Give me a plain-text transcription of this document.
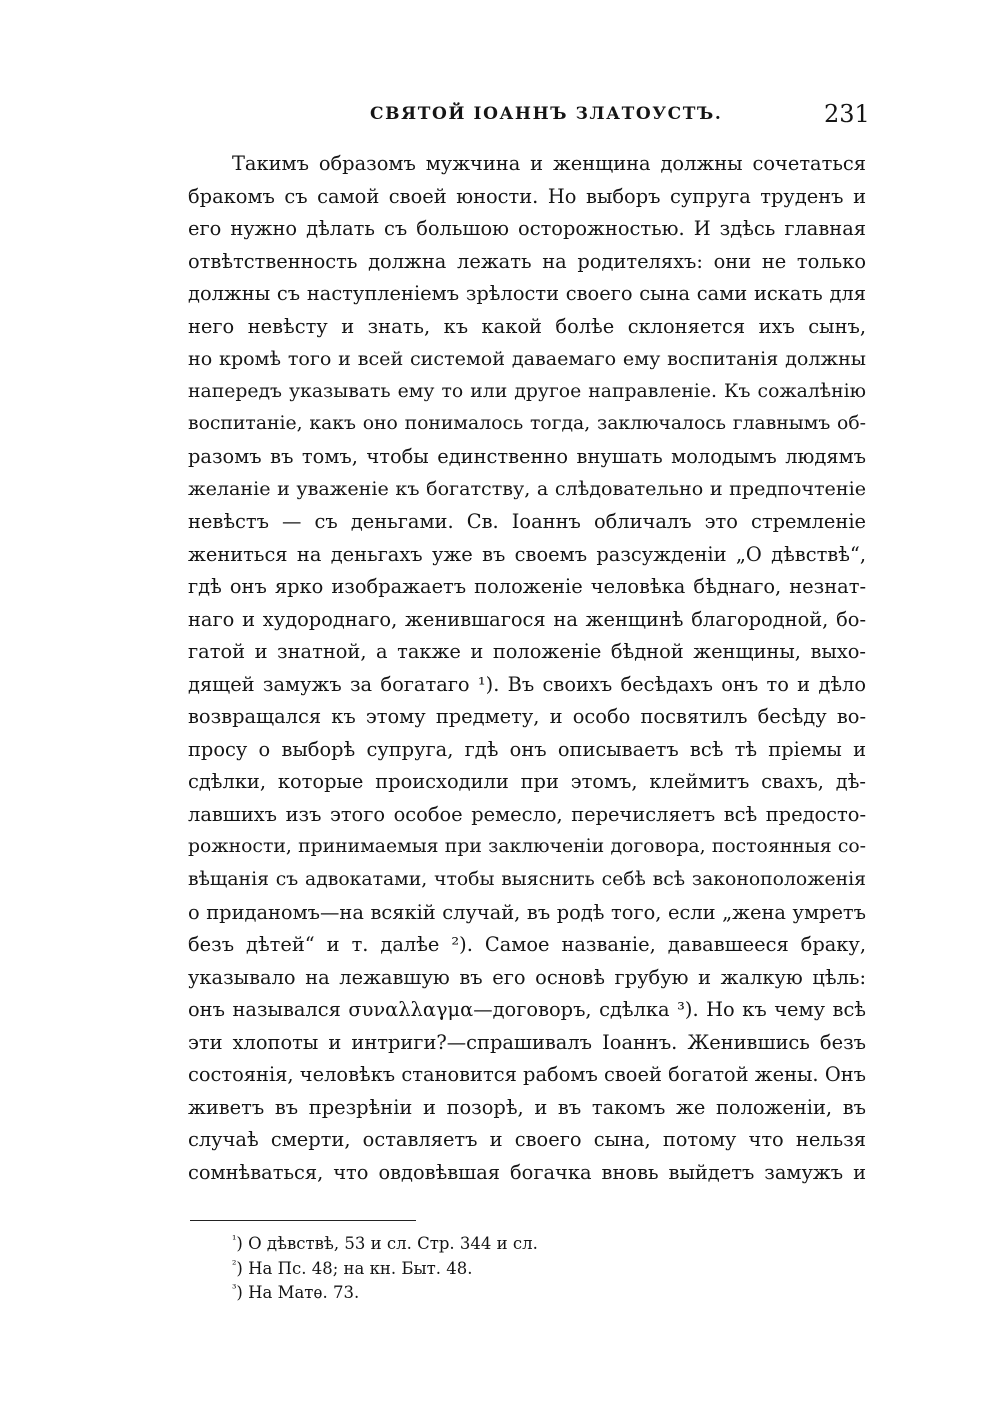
СВЯТОЙ ІОАННЪ ЗЛАТОУСТЪ.	231
Такимъ образомъ мужчина и женщина должны сочетаться
бракомъ съ самой своей юности. Но выборъ супруга труденъ и
его нужно дѣлать съ большою осторожностью. И здѣсь главная
отвѣтственность должна лежать на родителяхъ: они не только
должны съ наступленіемъ зрѣлости своего сына сами искать для
него невѣсту и знать, къ какой болѣе склоняется ихъ сынъ,
но кромѣ того и всей системой даваемаго ему воспитанія должны
напередъ указывать ему то или другое направленіе. Къ сожалѣнію
воспитаніе, какъ оно понималось тогда, заключалось главнымъ об-
разомъ въ томъ, чтобы единственно внушать молодымъ людямъ
желаніе и уваженіе къ богатству, а слѣдовательно и предпочтеніе
невѣстъ — съ деньгами. Св. Іоаннъ обличалъ это стремленіе
жениться на деньгахъ уже въ своемъ разсужденіи „О дѣвствѣ“,
гдѣ онъ ярко изображаетъ положеніе человѣка бѣднаго, незнат-
наго и худороднаго, женившагося на женщинѣ благородной, бо-
гатой и знатной, а также и положеніе бѣдной женщины, выхо-
дящей замужъ за богатаго ¹). Въ своихъ бесѣдахъ онъ то и дѣло
возвращался къ этому предмету, и особо посвятилъ бесѣду во-
просу о выборѣ супруга, гдѣ онъ описываетъ всѣ тѣ пріемы и
сдѣлки, которые происходили при этомъ, клеймитъ свахъ, дѣ-
лавшихъ изъ этого особое ремесло, перечисляетъ всѣ предосто-
рожности, принимаемыя при заключеніи договора, постоянныя со-
вѣщанія съ адвокатами, чтобы выяснить себѣ всѣ законоположенія
о приданомъ—на всякій случай, въ родѣ того, если „жена умретъ
безъ дѣтей“ и т. далѣе ²). Самое названіе, дававшееся браку,
указывало на лежавшую въ его основѣ грубую и жалкую цѣль:
онъ назывался συναλλαγμα—договоръ, сдѣлка ³). Но къ чему всѣ
эти хлопоты и интриги?—спрашивалъ Іоаннъ. Женившись безъ
состоянія, человѣкъ становится рабомъ своей богатой жены. Онъ
живетъ въ презрѣніи и позорѣ, и въ такомъ же положеніи, въ
случаѣ смерти, оставляетъ и своего сына, потому что нельзя
сомнѣваться, что овдовѣвшая богачка вновь выйдетъ замужъ и
$^{^1}$) О дѣвствѣ, 53 и сл. Стр. 344 и сл.
$^{^2}$) На Пс. 48; на кн. Быт. 48.
$^{^3}$) На Матѳ. 73.
